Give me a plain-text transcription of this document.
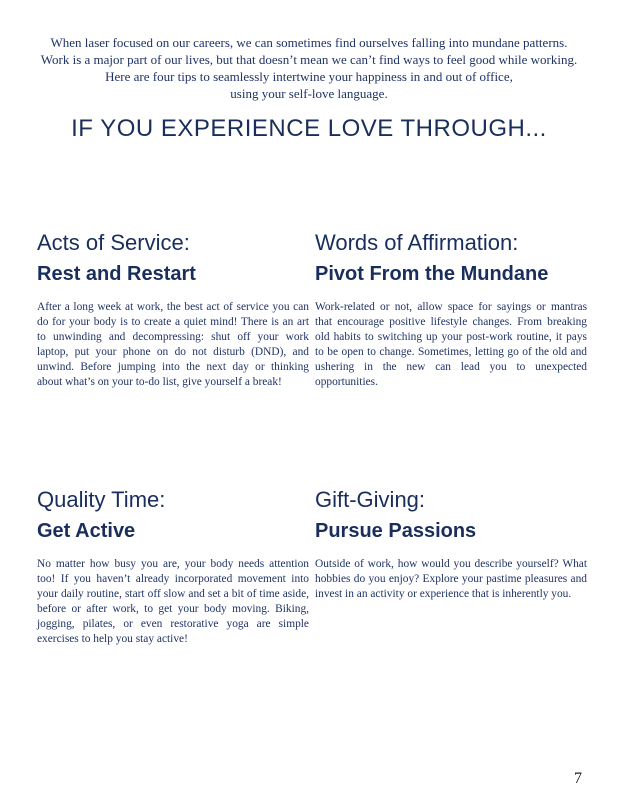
When laser focused on our careers, we can sometimes find ourselves falling into mundane patterns.

Work is a major part of our lives, but that doesn’t mean we can’t find ways to feel good while working.

Here are four tips to seamlessly intertwine your happiness in and out of office,

using your self-love language.

IF YOU EXPERIENCE LOVE THROUGH...
Acts of Service:
Rest and Restart
After a long week at work, the best act of service you can do for your body is to create a quiet mind! There is an art to unwinding and decompressing: shut off your work laptop, put your phone on do not disturb (DND), and unwind. Before jumping into the next day or thinking about what’s on your to-do list, give yourself a break!
Words of Affirmation:
Pivot From the Mundane
Work-related or not, allow space for sayings or mantras that encourage positive lifestyle changes. From breaking old habits to switching up your post-work routine, it pays to be open to change. Sometimes, letting go of the old and ushering in the new can lead you to unexpected opportunities.
Quality Time:
Get Active
No matter how busy you are, your body needs attention too! If you haven’t already incorporated movement into your daily routine, start off slow and set a bit of time aside, before or after work, to get your body moving. Biking, jogging, pilates, or even restorative yoga are simple exercises to help you stay active!
Gift-Giving:
Pursue Passions
Outside of work, how would you describe yourself? What hobbies do you enjoy? Explore your pastime pleasures and invest in an activity or experience that is inherently you.
7
